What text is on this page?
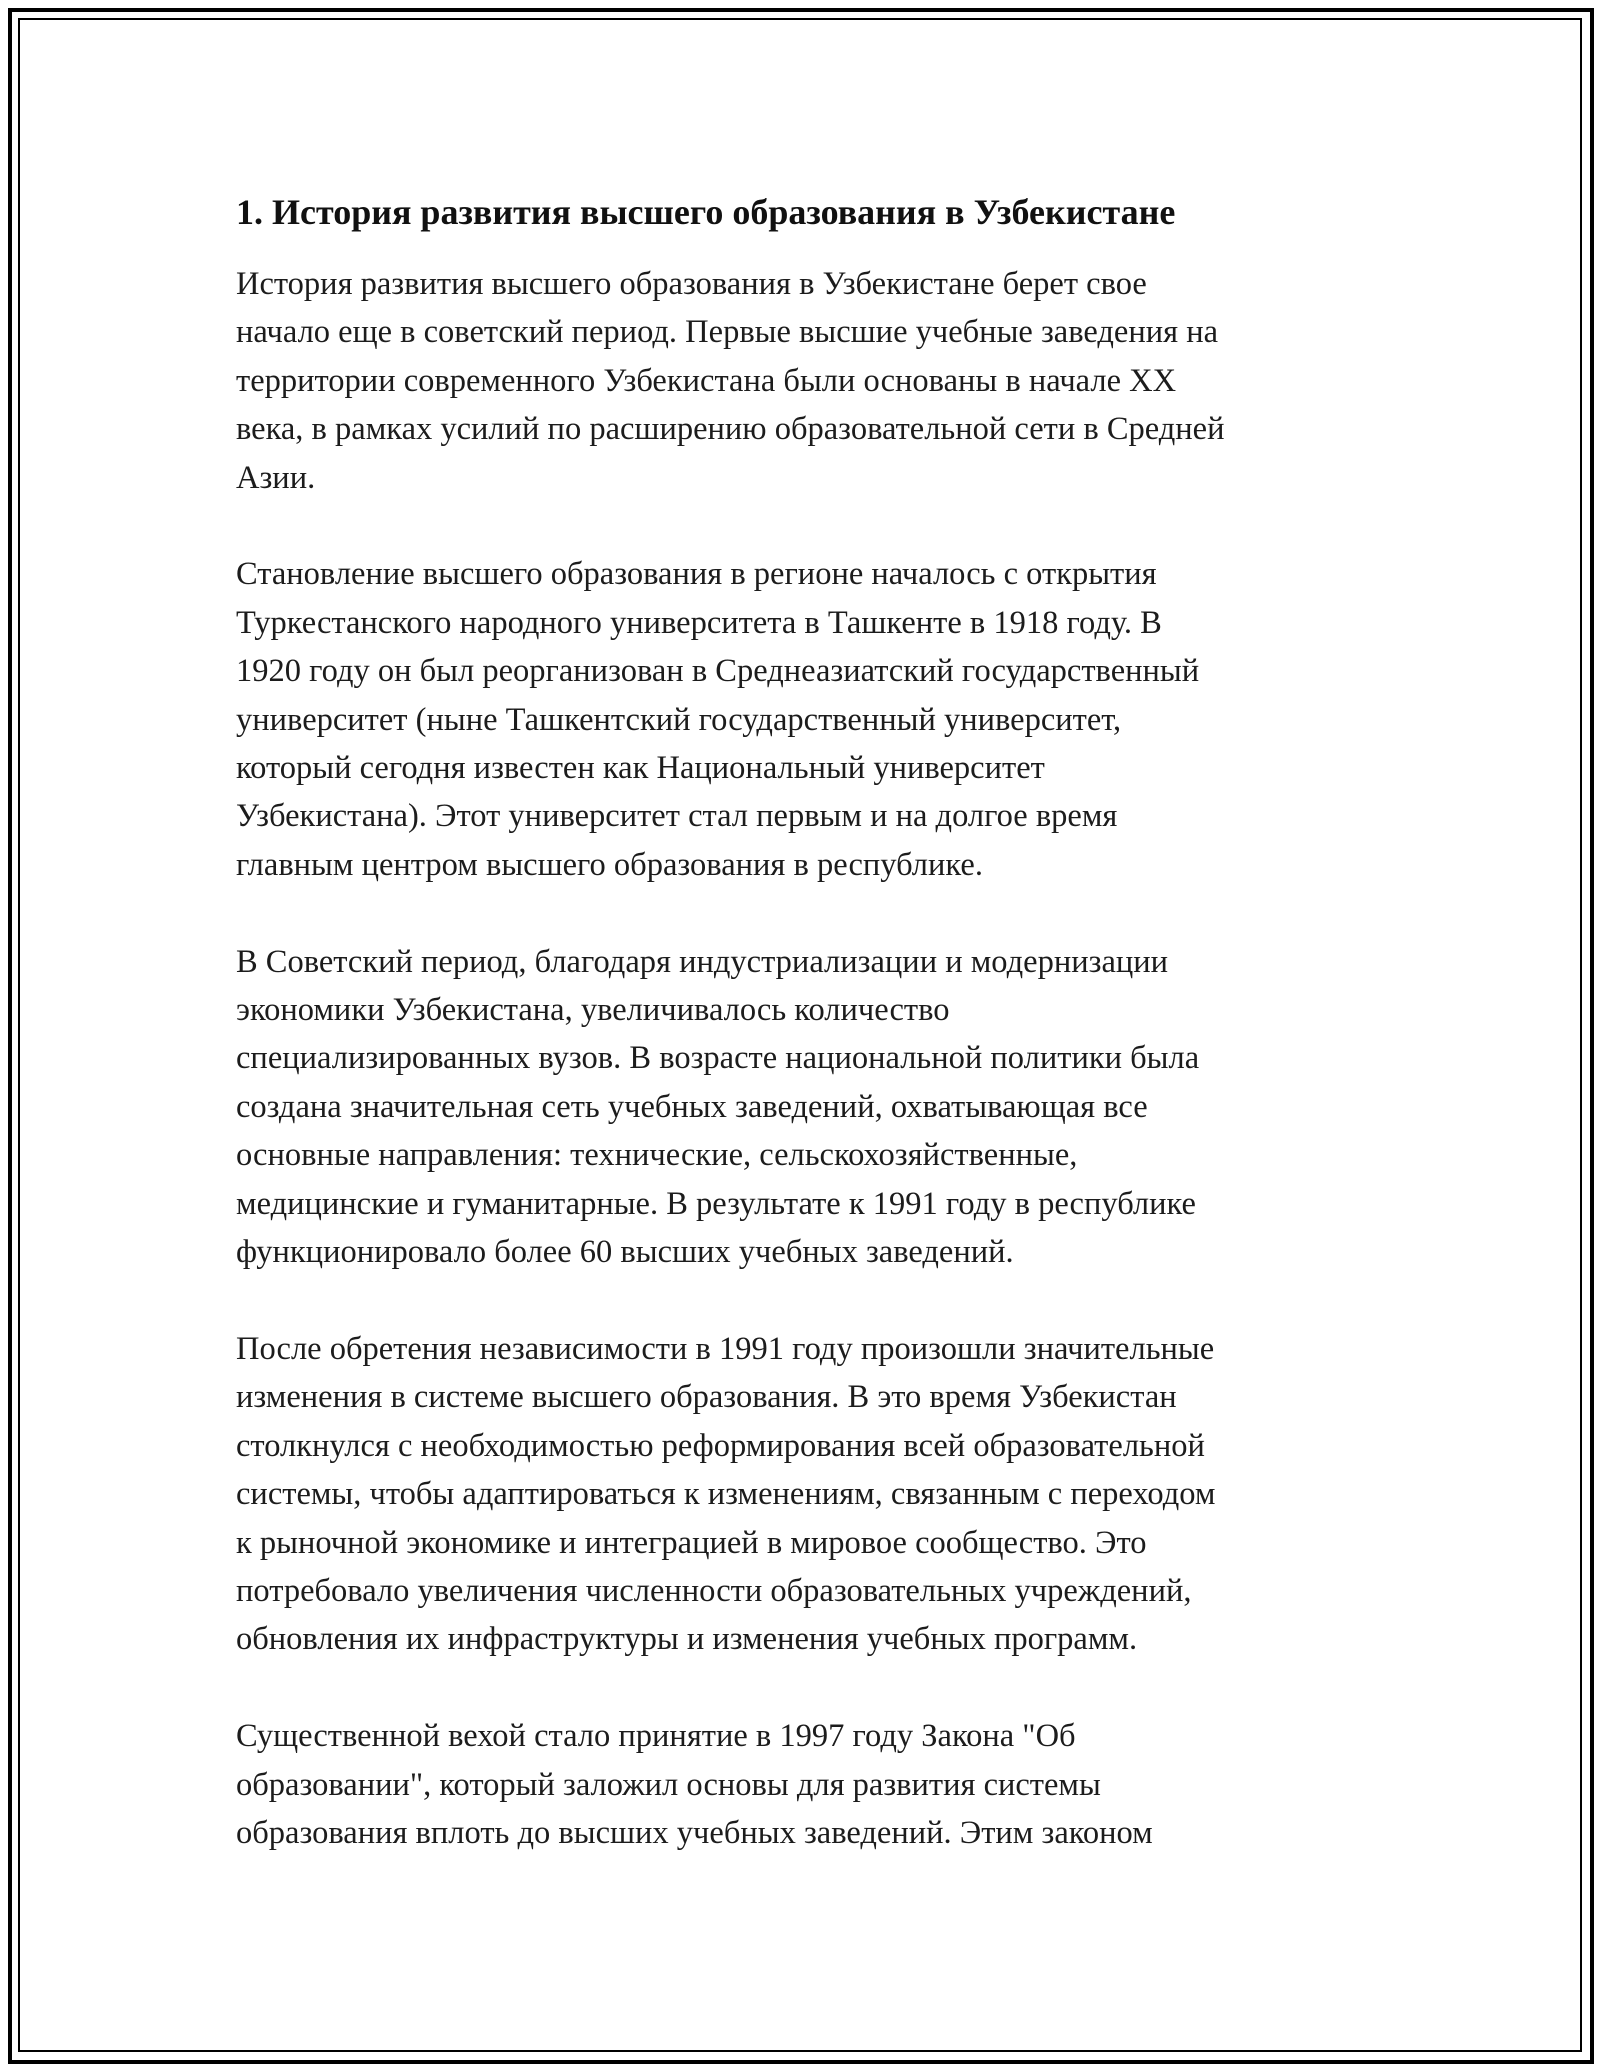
1. История развития высшего образования в Узбекистане

История развития высшего образования в Узбекистане берет свое
начало еще в советский период. Первые высшие учебные заведения на
территории современного Узбекистана были основаны в начале XX
века, в рамках усилий по расширению образовательной сети в Средней
Азии.

Становление высшего образования в регионе началось с открытия
Туркестанского народного университета в Ташкенте в 1918 году. В
1920 году он был реорганизован в Среднеазиатский государственный
университет (ныне Ташкентский государственный университет,
который сегодня известен как Национальный университет
Узбекистана). Этот университет стал первым и на долгое время
главным центром высшего образования в республике.

В Советский период, благодаря индустриализации и модернизации
экономики Узбекистана, увеличивалось количество
специализированных вузов. В возрасте национальной политики была
создана значительная сеть учебных заведений, охватывающая все
основные направления: технические, сельскохозяйственные,
медицинские и гуманитарные. В результате к 1991 году в республике
функционировало более 60 высших учебных заведений.

После обретения независимости в 1991 году произошли значительные
изменения в системе высшего образования. В это время Узбекистан
столкнулся с необходимостью реформирования всей образовательной
системы, чтобы адаптироваться к изменениям, связанным с переходом
к рыночной экономике и интеграцией в мировое сообщество. Это
потребовало увеличения численности образовательных учреждений,
обновления их инфраструктуры и изменения учебных программ.

Существенной вехой стало принятие в 1997 году Закона "Об
образовании", который заложил основы для развития системы
образования вплоть до высших учебных заведений. Этим законом
